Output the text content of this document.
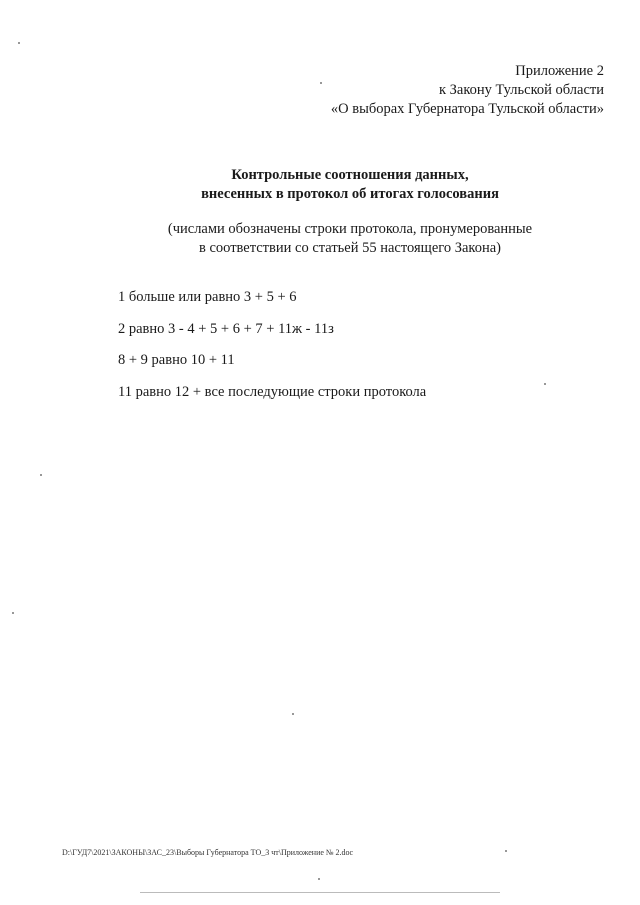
Приложение 2
к Закону Тульской области
«О выборах Губернатора Тульской области»
Контрольные соотношения данных,
внесенных в протокол об итогах голосования
(числами обозначены строки протокола, пронумерованные
в соответствии со статьей 55 настоящего Закона)
1 больше или равно 3 + 5 + 6
2 равно 3 - 4 + 5 + 6 + 7 + 11ж - 11з
8 + 9 равно 10 + 11
11 равно 12 + все последующие строки протокола
D:\ГУД7\2021\ЗАКОНЫ\ЗАС_23\Выборы Губернатора ТО_3 чт\Приложение № 2.doc
